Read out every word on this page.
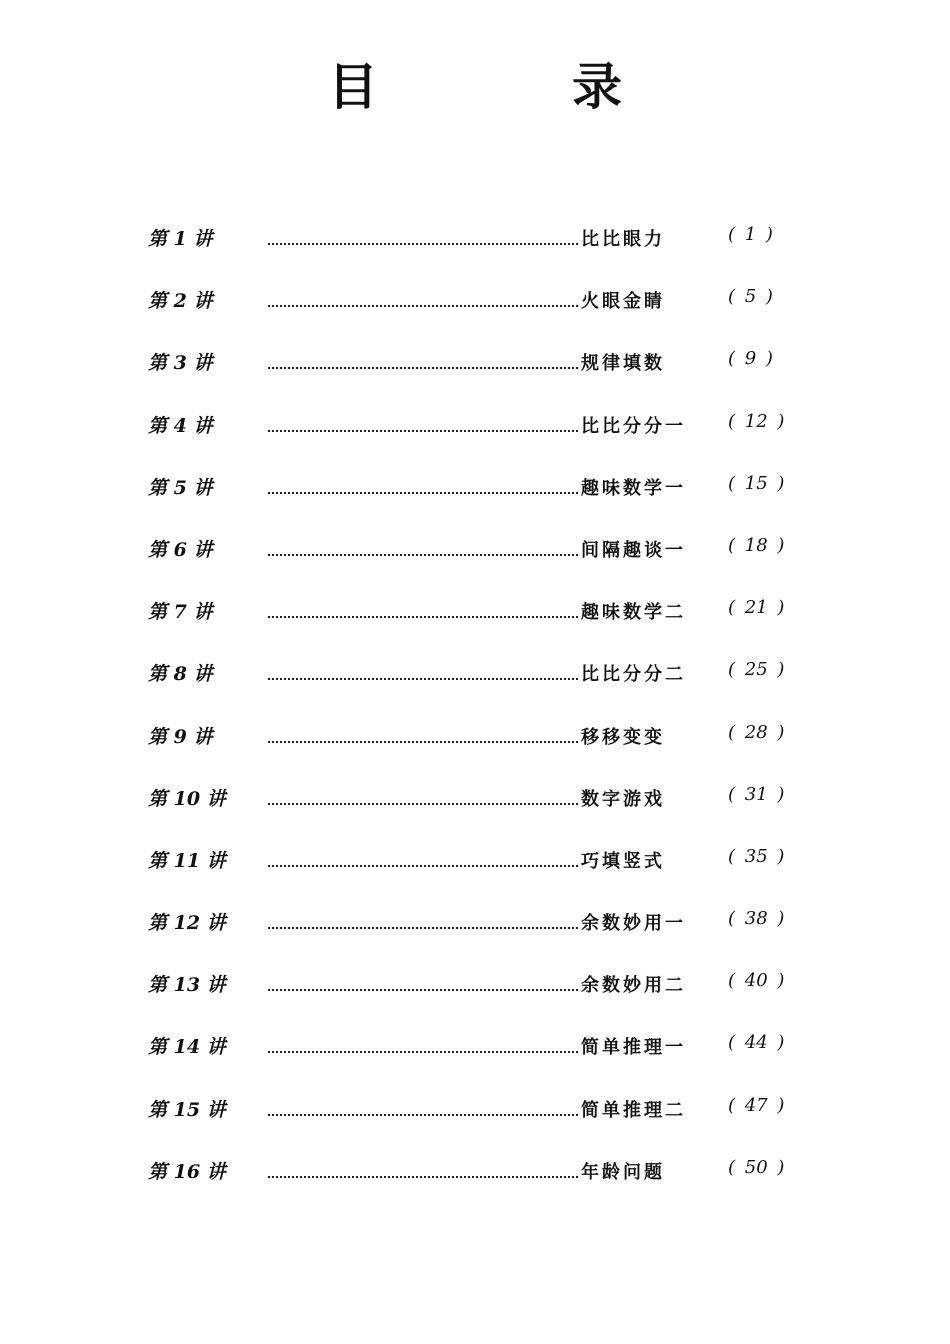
目　录
第 1 讲	比比眼力	( 1 )
第 2 讲	火眼金睛	( 5 )
第 3 讲	规律填数	( 9 )
第 4 讲	比比分分一 ( 12 )
第 5 讲	趣味数学一 ( 15 )
第 6 讲	间隔趣谈一 ( 18 )
第 7 讲	趣味数学二 ( 21 )
第 8 讲	比比分分二 ( 25 )
第 9 讲	移移变变	( 28 )
第 10 讲	数字游戏	( 31 )
第 11 讲	巧填竖式	( 35 )
第 12 讲	余数妙用一 ( 38 )
第 13 讲	余数妙用二 ( 40 )
第 14 讲	简单推理一 ( 44 )
第 15 讲	简单推理二 ( 47 )
第 16 讲	年龄问题	( 50 )
